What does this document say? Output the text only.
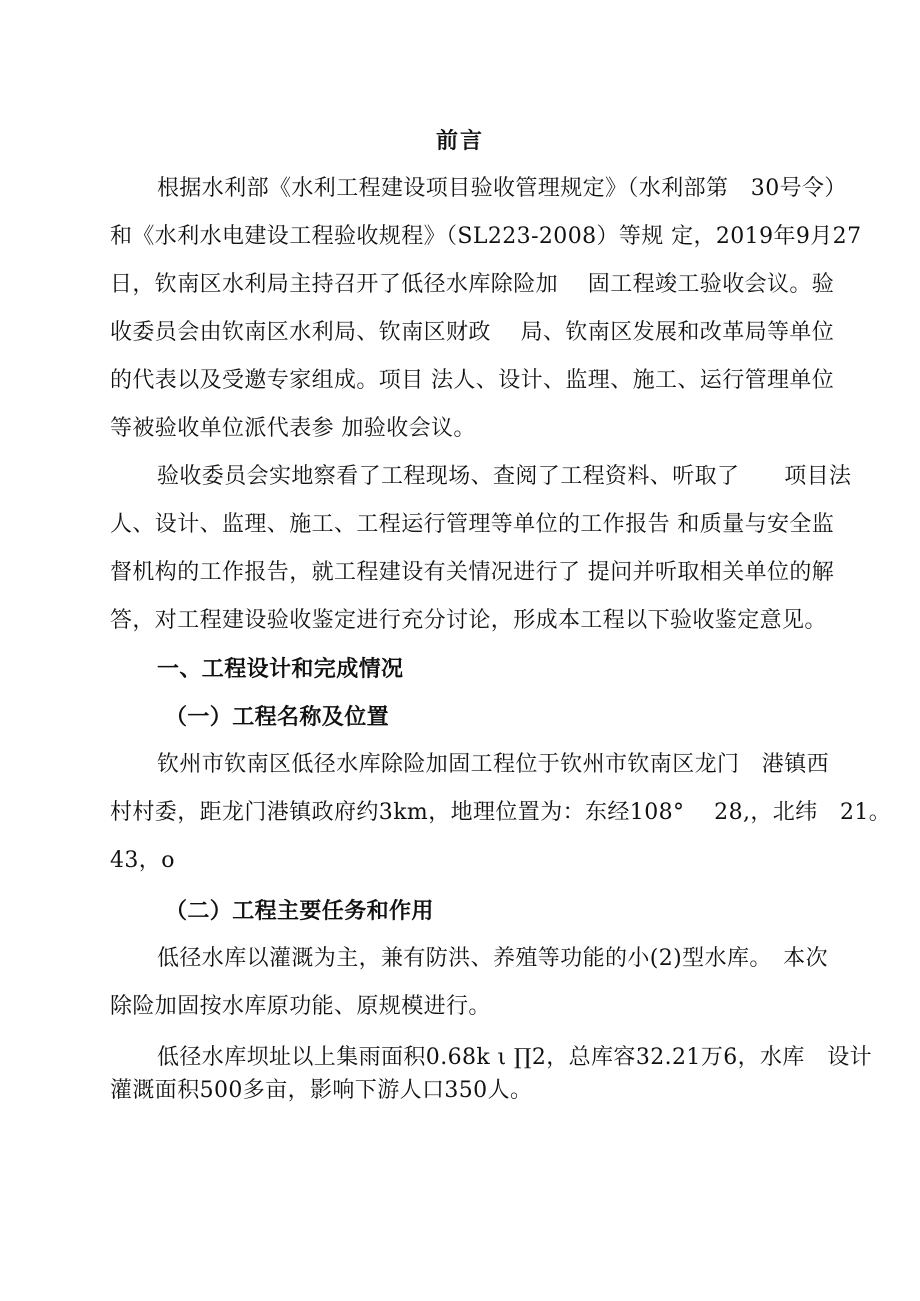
前言
根据水利部《水利工程建设项目验收管理规定》（水利部第　30号令）
和《水利水电建设工程验收规程》（SL223-2008）等规 定，2019年9月27
日，钦南区水利局主持召开了低径水库除险加　 固工程竣工验收会议。验
收委员会由钦南区水利局、钦南区财政　 局、钦南区发展和改革局等单位
的代表以及受邀专家组成。项目 法人、设计、监理、施工、运行管理单位
等被验收单位派代表参 加验收会议。
验收委员会实地察看了工程现场、查阅了工程资料、听取了　　项目法
人、设计、监理、施工、工程运行管理等单位的工作报告 和质量与安全监
督机构的工作报告，就工程建设有关情况进行了 提问并听取相关单位的解
答，对工程建设验收鉴定进行充分讨论，形成本工程以下验收鉴定意见。
一、工程设计和完成情况
（一）工程名称及位置
钦州市钦南区低径水库除险加固工程位于钦州市钦南区龙门　港镇西
村村委，距龙门港镇政府约3km，地理位置为：东经108°　 28,，北纬　21。
43，o
（二）工程主要任务和作用
低径水库以灌溉为主，兼有防洪、养殖等功能的小(2)型水库。　本次
除险加固按水库原功能、原规模进行。
低径水库坝址以上集雨面积0.68k ι ∏2，总库容32.21万6，水库　设计
灌溉面积500多亩，影响下游人口350人。
